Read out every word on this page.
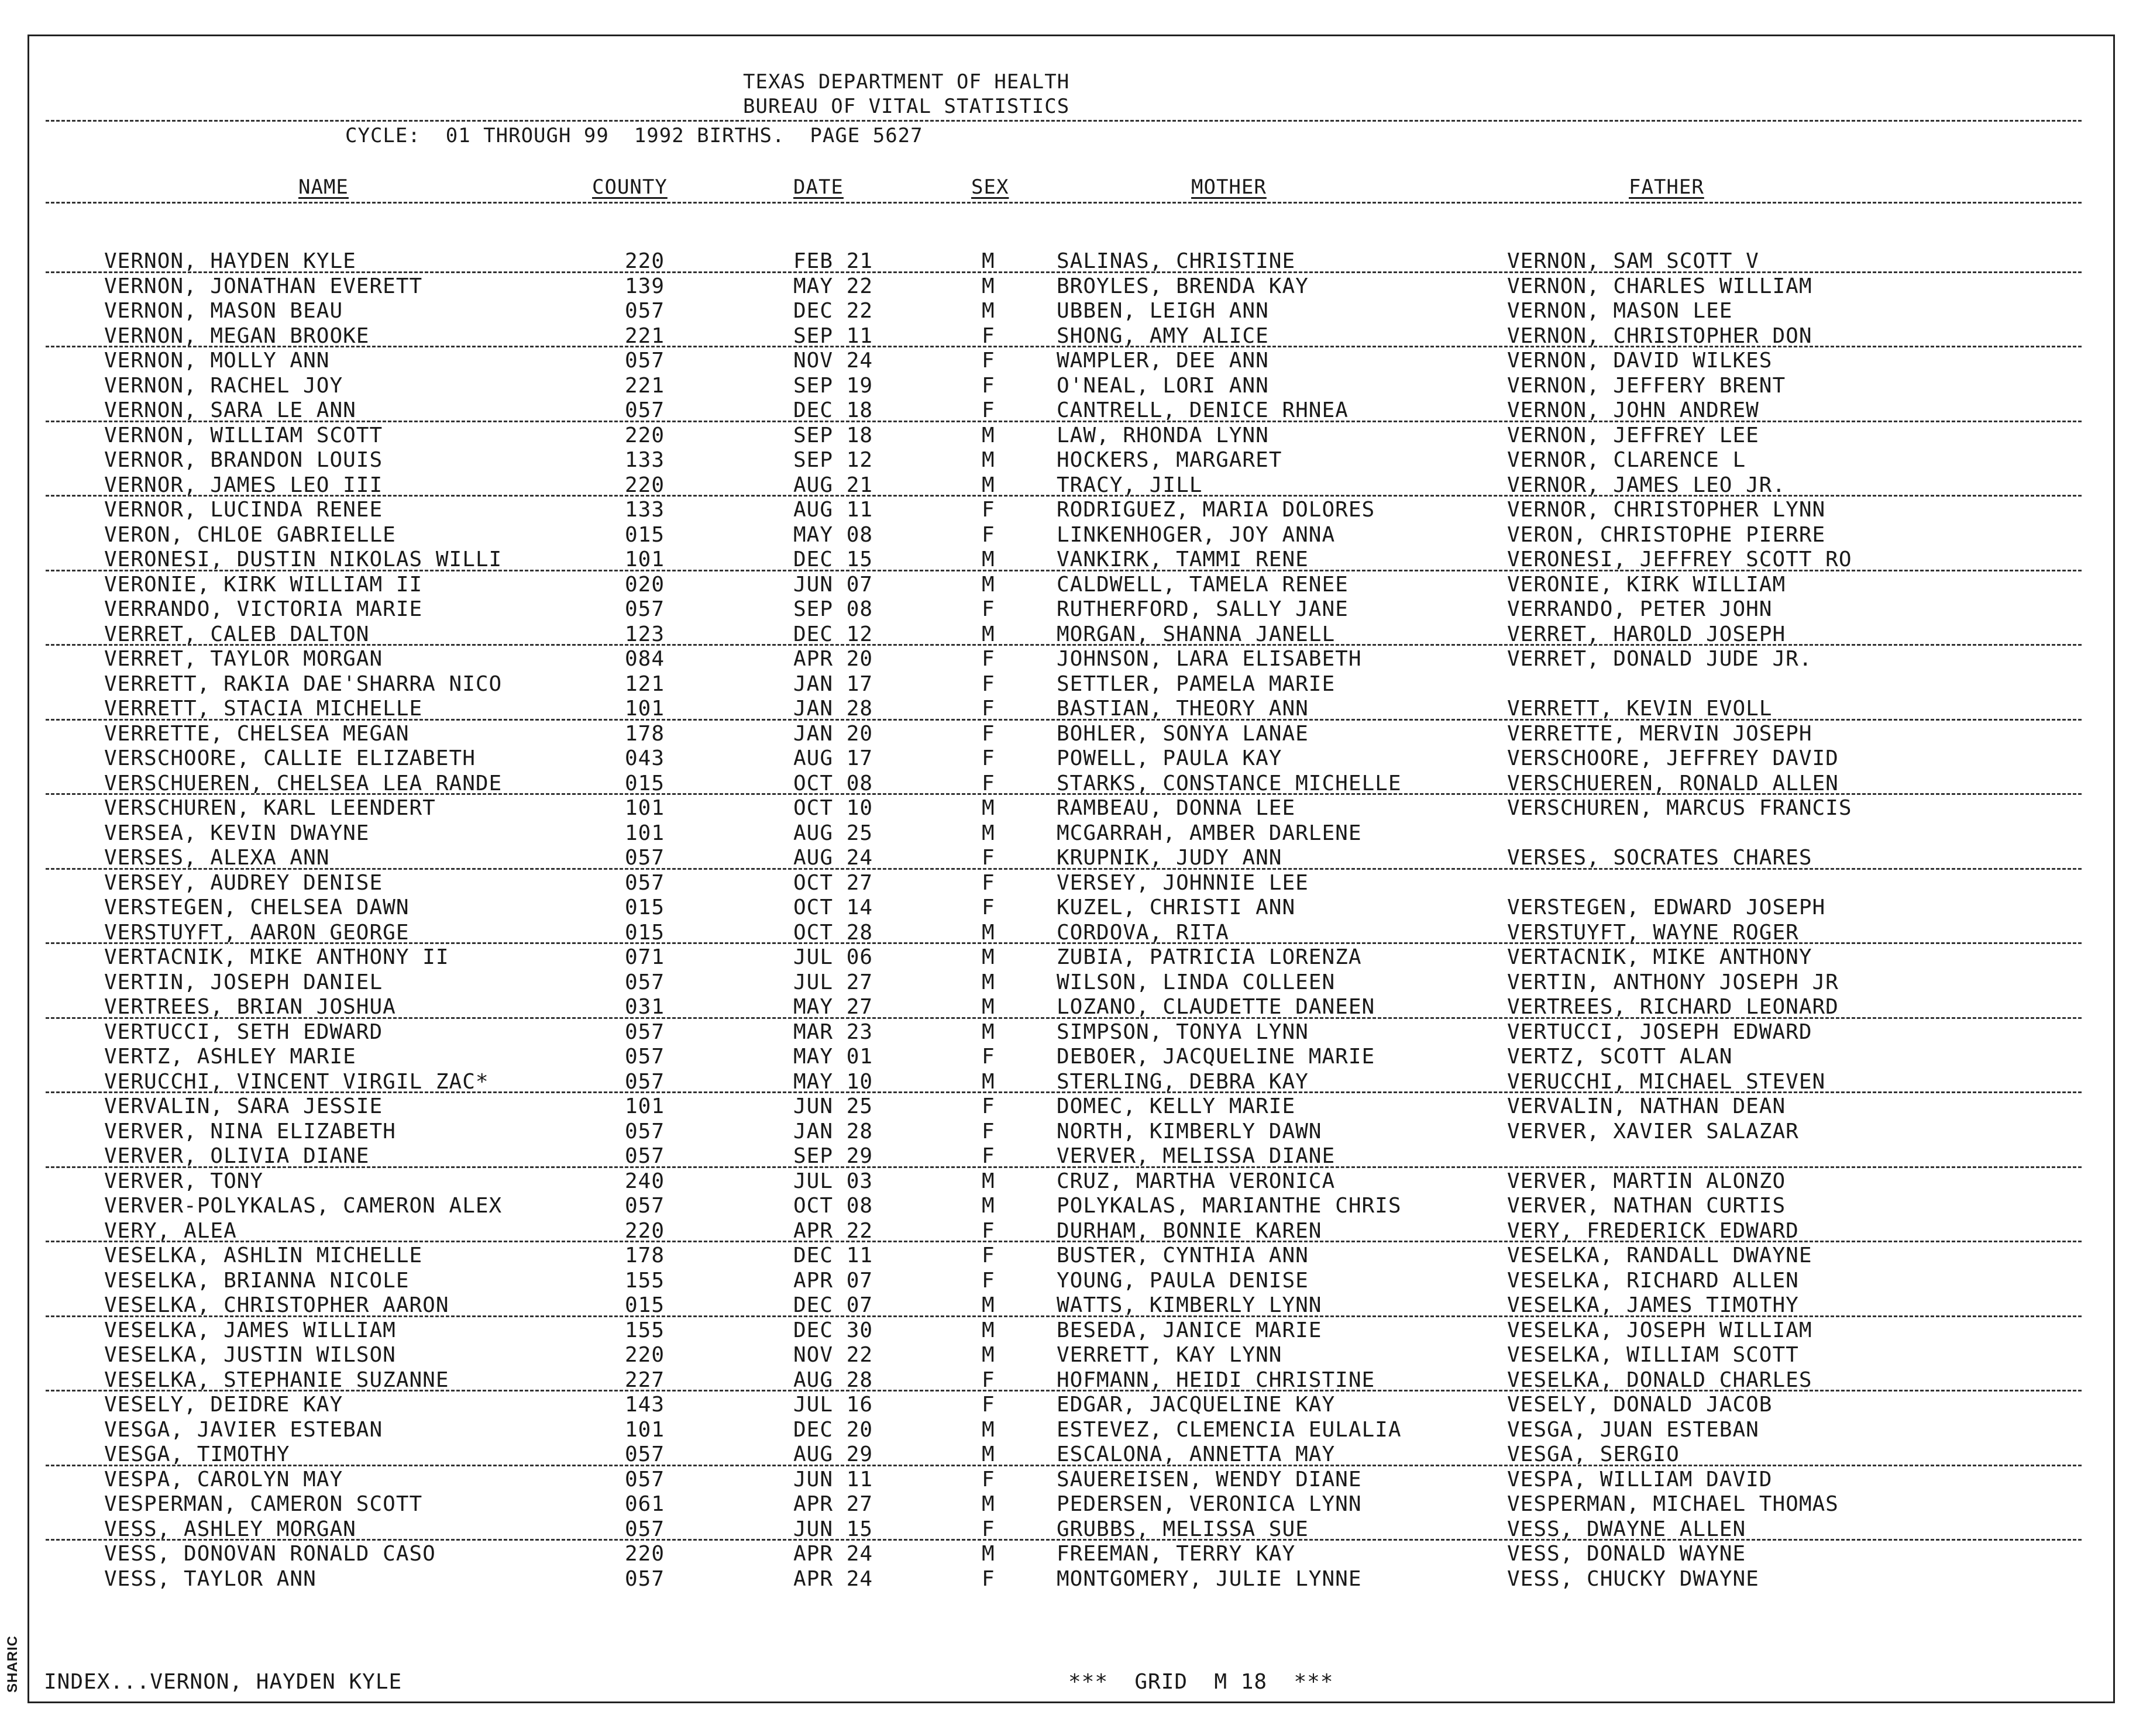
SHARIC
TEXAS DEPARTMENT OF HEALTH
BUREAU OF VITAL STATISTICS
CYCLE:  01 THROUGH 99  1992 BIRTHS.  PAGE 5627
NAME	COUNTY	DATE	SEX	MOTHER	FATHER
VERNON, HAYDEN KYLE	220	FEB 21	M	SALINAS, CHRISTINE	VERNON, SAM SCOTT V
VERNON, JONATHAN EVERETT	139	MAY 22	M	BROYLES, BRENDA KAY	VERNON, CHARLES WILLIAM
VERNON, MASON BEAU	057	DEC 22	M	UBBEN, LEIGH ANN	VERNON, MASON LEE
VERNON, MEGAN BROOKE	221	SEP 11	F	SHONG, AMY ALICE	VERNON, CHRISTOPHER DON
VERNON, MOLLY ANN	057	NOV 24	F	WAMPLER, DEE ANN	VERNON, DAVID WILKES
VERNON, RACHEL JOY	221	SEP 19	F	O'NEAL, LORI ANN	VERNON, JEFFERY BRENT
VERNON, SARA LE ANN	057	DEC 18	F	CANTRELL, DENICE RHNEA	VERNON, JOHN ANDREW
VERNON, WILLIAM SCOTT	220	SEP 18	M	LAW, RHONDA LYNN	VERNON, JEFFREY LEE
VERNOR, BRANDON LOUIS	133	SEP 12	M	HOCKERS, MARGARET	VERNOR, CLARENCE L
VERNOR, JAMES LEO III	220	AUG 21	M	TRACY, JILL	VERNOR, JAMES LEO JR.
VERNOR, LUCINDA RENEE	133	AUG 11	F	RODRIGUEZ, MARIA DOLORES	VERNOR, CHRISTOPHER LYNN
VERON, CHLOE GABRIELLE	015	MAY 08	F	LINKENHOGER, JOY ANNA	VERON, CHRISTOPHE PIERRE
VERONESI, DUSTIN NIKOLAS WILLI	101	DEC 15	M	VANKIRK, TAMMI RENE	VERONESI, JEFFREY SCOTT RO
VERONIE, KIRK WILLIAM II	020	JUN 07	M	CALDWELL, TAMELA RENEE	VERONIE, KIRK WILLIAM
VERRANDO, VICTORIA MARIE	057	SEP 08	F	RUTHERFORD, SALLY JANE	VERRANDO, PETER JOHN
VERRET, CALEB DALTON	123	DEC 12	M	MORGAN, SHANNA JANELL	VERRET, HAROLD JOSEPH
VERRET, TAYLOR MORGAN	084	APR 20	F	JOHNSON, LARA ELISABETH	VERRET, DONALD JUDE JR.
VERRETT, RAKIA DAE'SHARRA NICO	121	JAN 17	F	SETTLER, PAMELA MARIE
VERRETT, STACIA MICHELLE	101	JAN 28	F	BASTIAN, THEORY ANN	VERRETT, KEVIN EVOLL
VERRETTE, CHELSEA MEGAN	178	JAN 20	F	BOHLER, SONYA LANAE	VERRETTE, MERVIN JOSEPH
VERSCHOORE, CALLIE ELIZABETH	043	AUG 17	F	POWELL, PAULA KAY	VERSCHOORE, JEFFREY DAVID
VERSCHUEREN, CHELSEA LEA RANDE	015	OCT 08	F	STARKS, CONSTANCE MICHELLE	VERSCHUEREN, RONALD ALLEN
VERSCHUREN, KARL LEENDERT	101	OCT 10	M	RAMBEAU, DONNA LEE	VERSCHUREN, MARCUS FRANCIS
VERSEA, KEVIN DWAYNE	101	AUG 25	M	MCGARRAH, AMBER DARLENE
VERSES, ALEXA ANN	057	AUG 24	F	KRUPNIK, JUDY ANN	VERSES, SOCRATES CHARES
VERSEY, AUDREY DENISE	057	OCT 27	F	VERSEY, JOHNNIE LEE
VERSTEGEN, CHELSEA DAWN	015	OCT 14	F	KUZEL, CHRISTI ANN	VERSTEGEN, EDWARD JOSEPH
VERSTUYFT, AARON GEORGE	015	OCT 28	M	CORDOVA, RITA	VERSTUYFT, WAYNE ROGER
VERTACNIK, MIKE ANTHONY II	071	JUL 06	M	ZUBIA, PATRICIA LORENZA	VERTACNIK, MIKE ANTHONY
VERTIN, JOSEPH DANIEL	057	JUL 27	M	WILSON, LINDA COLLEEN	VERTIN, ANTHONY JOSEPH JR
VERTREES, BRIAN JOSHUA	031	MAY 27	M	LOZANO, CLAUDETTE DANEEN	VERTREES, RICHARD LEONARD
VERTUCCI, SETH EDWARD	057	MAR 23	M	SIMPSON, TONYA LYNN	VERTUCCI, JOSEPH EDWARD
VERTZ, ASHLEY MARIE	057	MAY 01	F	DEBOER, JACQUELINE MARIE	VERTZ, SCOTT ALAN
VERUCCHI, VINCENT VIRGIL ZAC*	057	MAY 10	M	STERLING, DEBRA KAY	VERUCCHI, MICHAEL STEVEN
VERVALIN, SARA JESSIE	101	JUN 25	F	DOMEC, KELLY MARIE	VERVALIN, NATHAN DEAN
VERVER, NINA ELIZABETH	057	JAN 28	F	NORTH, KIMBERLY DAWN	VERVER, XAVIER SALAZAR
VERVER, OLIVIA DIANE	057	SEP 29	F	VERVER, MELISSA DIANE
VERVER, TONY	240	JUL 03	M	CRUZ, MARTHA VERONICA	VERVER, MARTIN ALONZO
VERVER-POLYKALAS, CAMERON ALEX	057	OCT 08	M	POLYKALAS, MARIANTHE CHRIS	VERVER, NATHAN CURTIS
VERY, ALEA	220	APR 22	F	DURHAM, BONNIE KAREN	VERY, FREDERICK EDWARD
VESELKA, ASHLIN MICHELLE	178	DEC 11	F	BUSTER, CYNTHIA ANN	VESELKA, RANDALL DWAYNE
VESELKA, BRIANNA NICOLE	155	APR 07	F	YOUNG, PAULA DENISE	VESELKA, RICHARD ALLEN
VESELKA, CHRISTOPHER AARON	015	DEC 07	M	WATTS, KIMBERLY LYNN	VESELKA, JAMES TIMOTHY
VESELKA, JAMES WILLIAM	155	DEC 30	M	BESEDA, JANICE MARIE	VESELKA, JOSEPH WILLIAM
VESELKA, JUSTIN WILSON	220	NOV 22	M	VERRETT, KAY LYNN	VESELKA, WILLIAM SCOTT
VESELKA, STEPHANIE SUZANNE	227	AUG 28	F	HOFMANN, HEIDI CHRISTINE	VESELKA, DONALD CHARLES
VESELY, DEIDRE KAY	143	JUL 16	F	EDGAR, JACQUELINE KAY	VESELY, DONALD JACOB
VESGA, JAVIER ESTEBAN	101	DEC 20	M	ESTEVEZ, CLEMENCIA EULALIA	VESGA, JUAN ESTEBAN
VESGA, TIMOTHY	057	AUG 29	M	ESCALONA, ANNETTA MAY	VESGA, SERGIO
VESPA, CAROLYN MAY	057	JUN 11	F	SAUEREISEN, WENDY DIANE	VESPA, WILLIAM DAVID
VESPERMAN, CAMERON SCOTT	061	APR 27	M	PEDERSEN, VERONICA LYNN	VESPERMAN, MICHAEL THOMAS
VESS, ASHLEY MORGAN	057	JUN 15	F	GRUBBS, MELISSA SUE	VESS, DWAYNE ALLEN
VESS, DONOVAN RONALD CASO	220	APR 24	M	FREEMAN, TERRY KAY	VESS, DONALD WAYNE
VESS, TAYLOR ANN	057	APR 24	F	MONTGOMERY, JULIE LYNNE	VESS, CHUCKY DWAYNE
INDEX...VERNON, HAYDEN KYLE	***  GRID  M 18  ***
